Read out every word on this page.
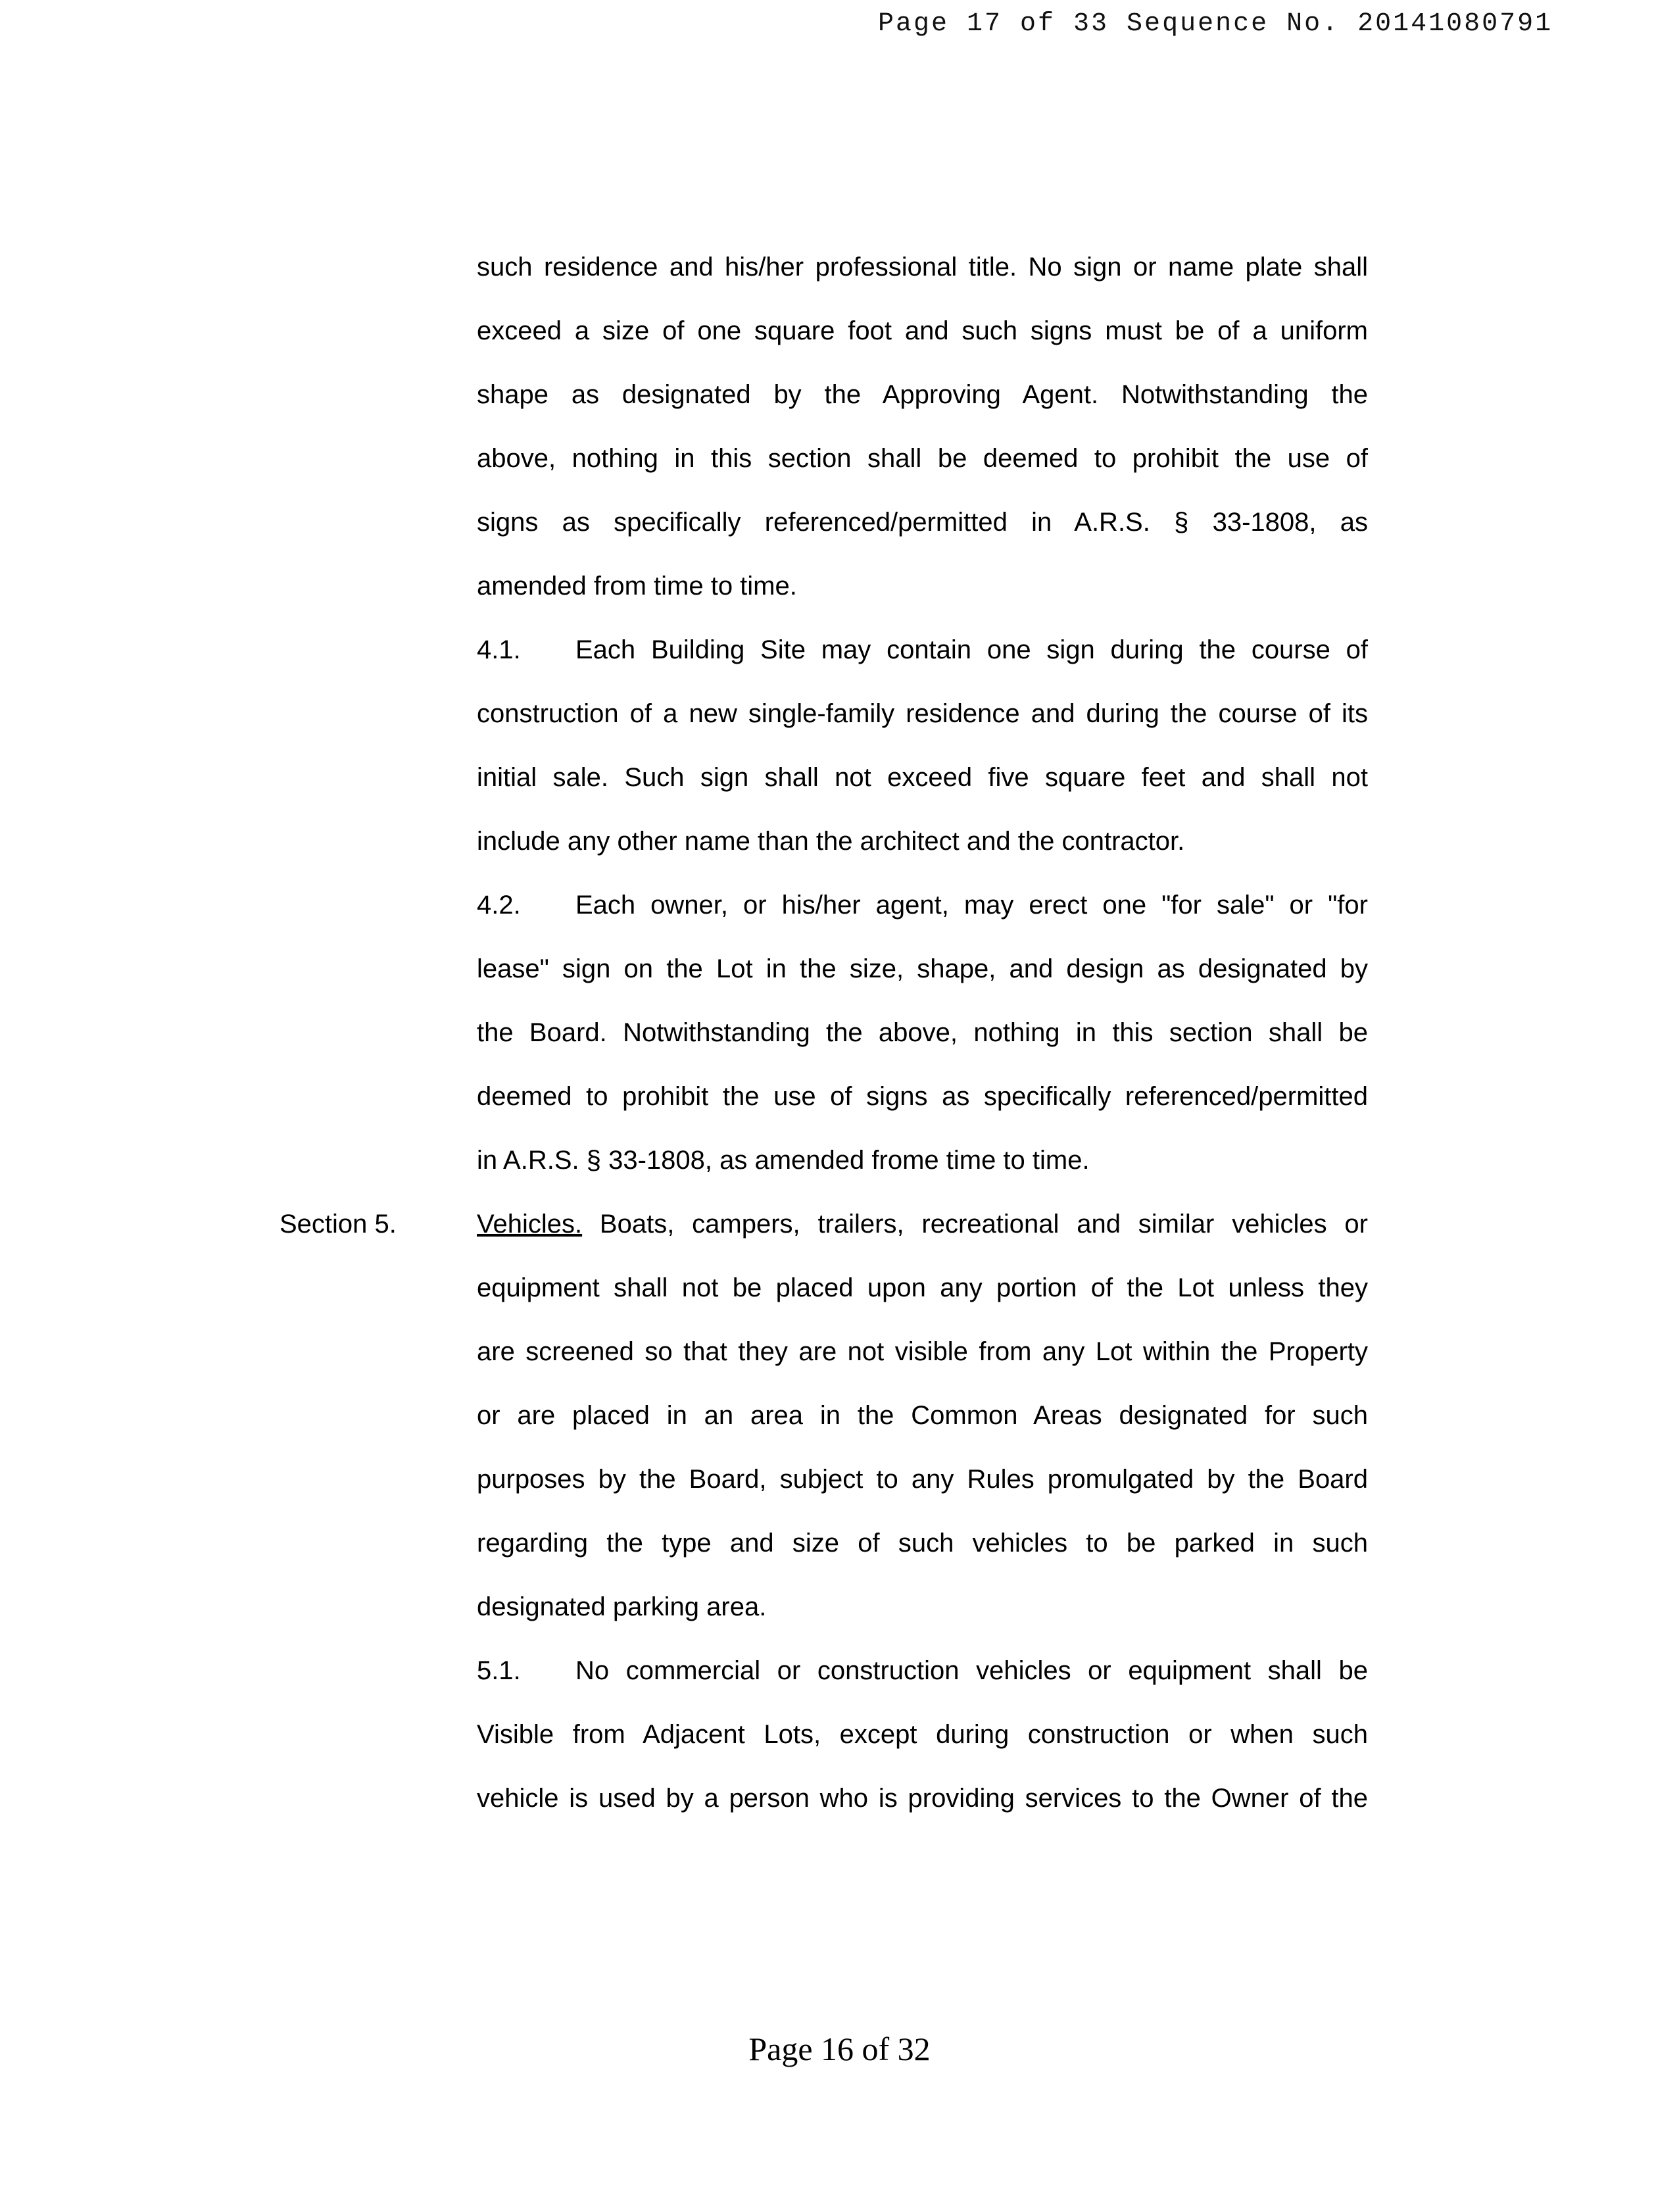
Page 17 of 33 Sequence No. 20141080791
such residence and his/her professional title. No sign or name plate shall
exceed a size of one square foot and such signs must be of a uniform
shape as designated by the Approving Agent. Notwithstanding the
above, nothing in this section shall be deemed to prohibit the use of
signs as specifically referenced/permitted in A.R.S. § 33-1808, as
amended from time to time.
4.1. Each Building Site may contain one sign during the course of
construction of a new single-family residence and during the course of its
initial sale. Such sign shall not exceed five square feet and shall not
include any other name than the architect and the contractor.
4.2. Each owner, or his/her agent, may erect one "for sale" or "for
lease" sign on the Lot in the size, shape, and design as designated by
the Board. Notwithstanding the above, nothing in this section shall be
deemed to prohibit the use of signs as specifically referenced/permitted
in A.R.S. § 33-1808, as amended frome time to time.
Section 5.	Vehicles. Boats, campers, trailers, recreational and similar vehicles or
equipment shall not be placed upon any portion of the Lot unless they
are screened so that they are not visible from any Lot within the Property
or are placed in an area in the Common Areas designated for such
purposes by the Board, subject to any Rules promulgated by the Board
regarding the type and size of such vehicles to be parked in such
designated parking area.
5.1. No commercial or construction vehicles or equipment shall be
Visible from Adjacent Lots, except during construction or when such
vehicle is used by a person who is providing services to the Owner of the
Page 16 of 32
